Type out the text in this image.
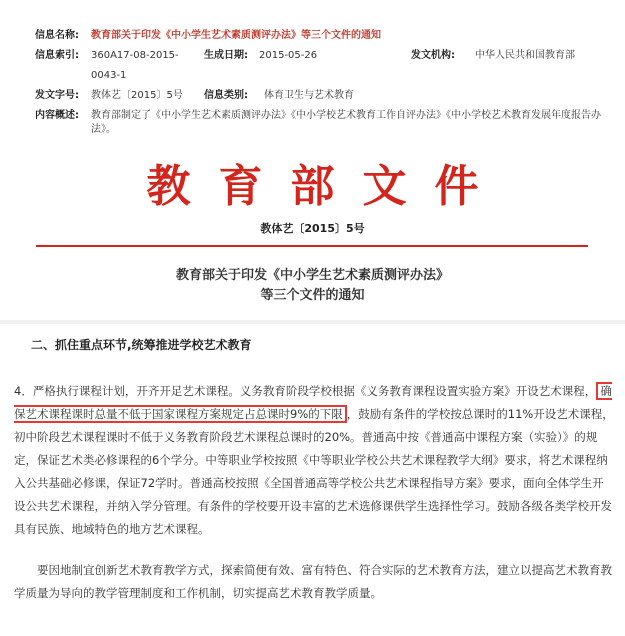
信息名称:	教育部关于印发《中小学生艺术素质测评办法》等三个文件的通知
信息索引:	360A17-08-2015-0043-1
生成日期:	2015-05-26	发文机构:	中华人民共和国教育部
发文字号:	教体艺〔2015〕5号	信息类别:	体育卫生与艺术教育
内容概述:	教育部制定了《中小学生艺术素质测评办法》《中小学校艺术教育工作自评办法》《中小学校艺术教育发展年度报告办法》。
教育部文件
教体艺〔2015〕5号
教育部关于印发《中小学生艺术素质测评办法》
等三个文件的通知
二、抓住重点环节,统筹推进学校艺术教育

4．严格执行课程计划，开齐开足艺术课程。义务教育阶段学校根据《义务教育课程设置实验方案》开设艺术课程， 确保艺术课程课时总量不低于国家课程方案规定占总课时9%的下限 ，鼓励有条件的学校按总课时的11%开设艺术课程，初中阶段艺术课程课时不低于义务教育阶段艺术课程总课时的20%。普通高中按《普通高中课程方案（实验）》的规定，保证艺术类必修课程的6个学分。中等职业学校按照《中等职业学校公共艺术课程教学大纲》要求，将艺术课程纳入公共基础必修课，保证72学时。普通高校按照《全国普通高等学校公共艺术课程指导方案》要求，面向全体学生开设公共艺术课程，并纳入学分管理。有条件的学校要开设丰富的艺术选修课供学生选择性学习。鼓励各级各类学校开发具有民族、地域特色的地方艺术课程。

要因地制宜创新艺术教育教学方式，探索简便有效、富有特色、符合实际的艺术教育方法，建立以提高艺术教育教学质量为导向的教学管理制度和工作机制，切实提高艺术教育教学质量。
